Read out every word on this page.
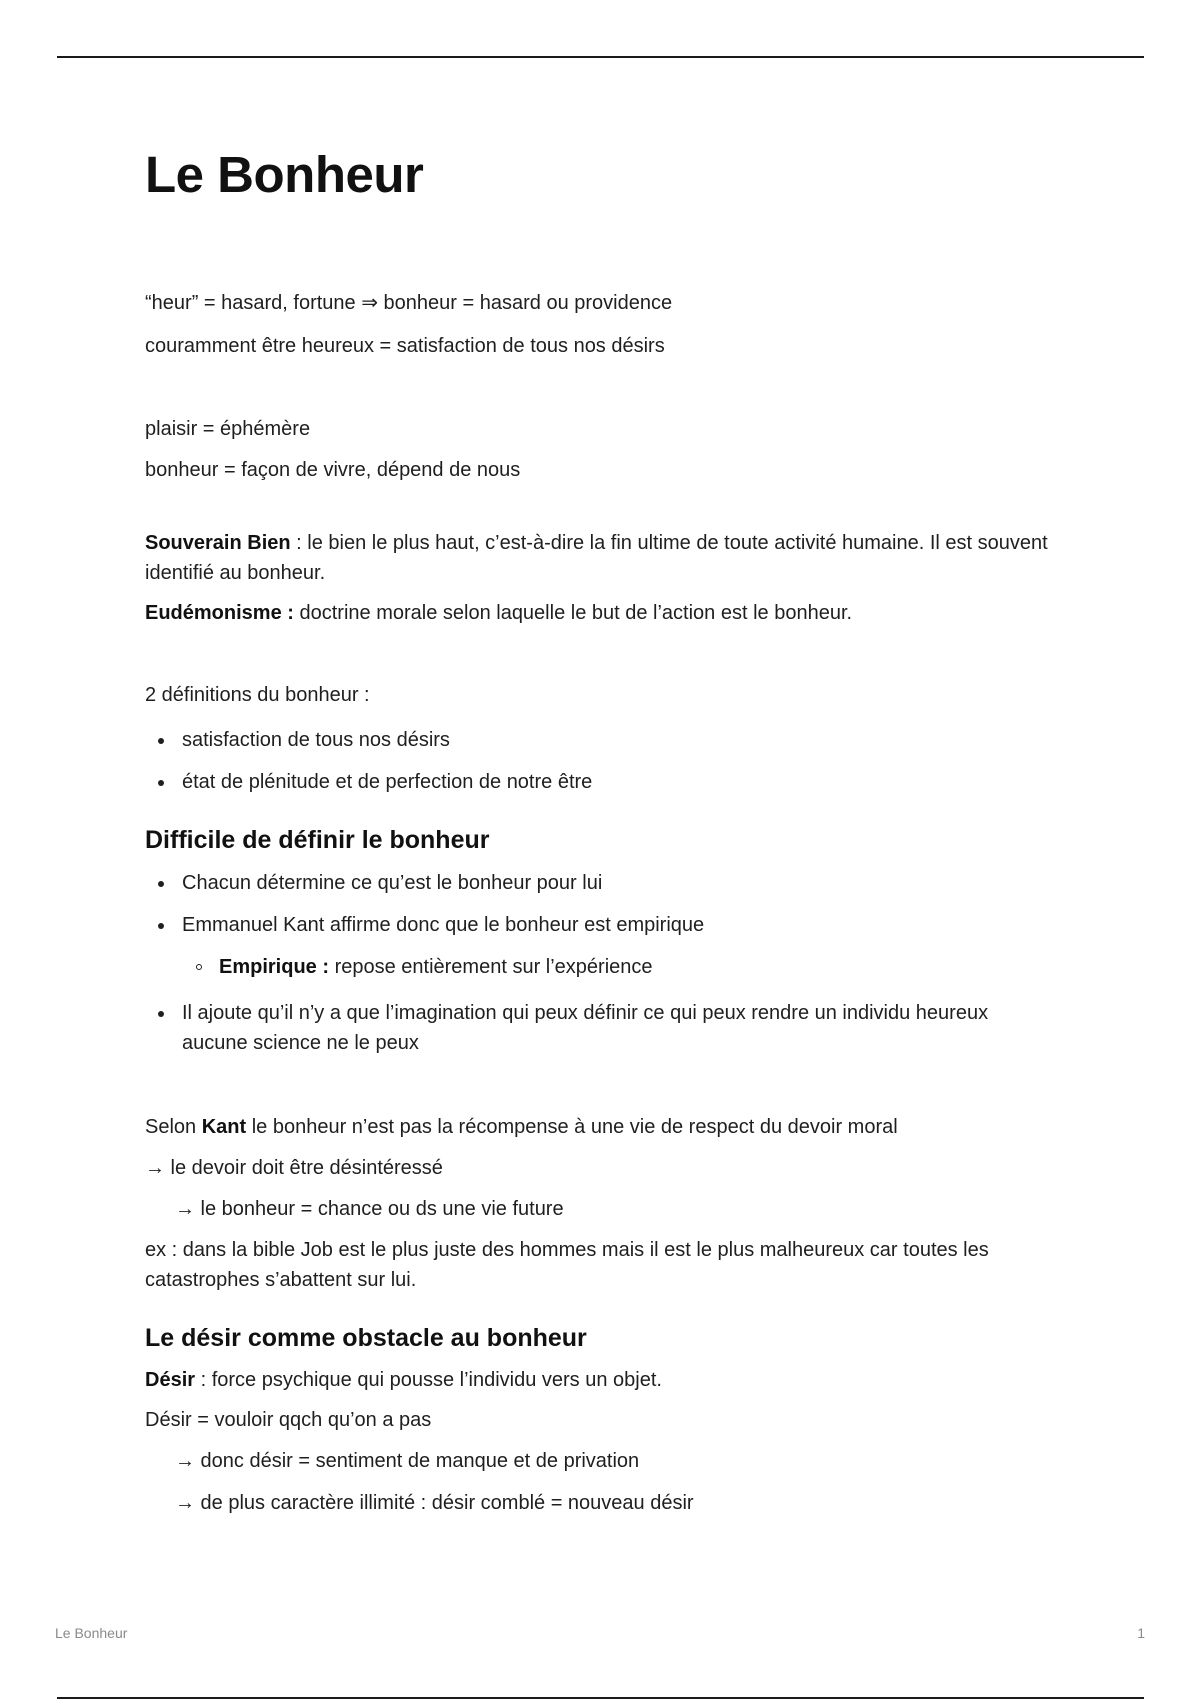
Le Bonheur
“heur” = hasard, fortune ⇒ bonheur = hasard ou providence
couramment être heureux = satisfaction de tous nos désirs
plaisir = éphémère
bonheur = façon de vivre, dépend de nous
Souverain Bien : le bien le plus haut, c’est-à-dire la fin ultime de toute activité humaine. Il est souvent identifié au bonheur.
Eudémonisme : doctrine morale selon laquelle le but de l’action est le bonheur.
2 définitions du bonheur :
satisfaction de tous nos désirs
état de plénitude et de perfection de notre être
Difficile de définir le bonheur
Chacun détermine ce qu’est le bonheur pour lui
Emmanuel Kant affirme donc que le bonheur est empirique
Empirique : repose entièrement sur l’expérience
Il ajoute qu’il n’y a que l’imagination qui peux définir ce qui peux rendre un individu heureux aucune science ne le peux
Selon Kant le bonheur n’est pas la récompense à une vie de respect du devoir moral
→ le devoir doit être désintéressé
→ le bonheur = chance ou ds une vie future
ex : dans la bible Job est le plus juste des hommes mais il est le plus malheureux car toutes les catastrophes s’abattent sur lui.
Le désir comme obstacle au bonheur
Désir : force psychique qui pousse l’individu vers un objet.
Désir = vouloir qqch qu’on a pas
→ donc désir = sentiment de manque et de privation
→ de plus caractère illimité : désir comblé = nouveau désir
Le Bonheur	1
